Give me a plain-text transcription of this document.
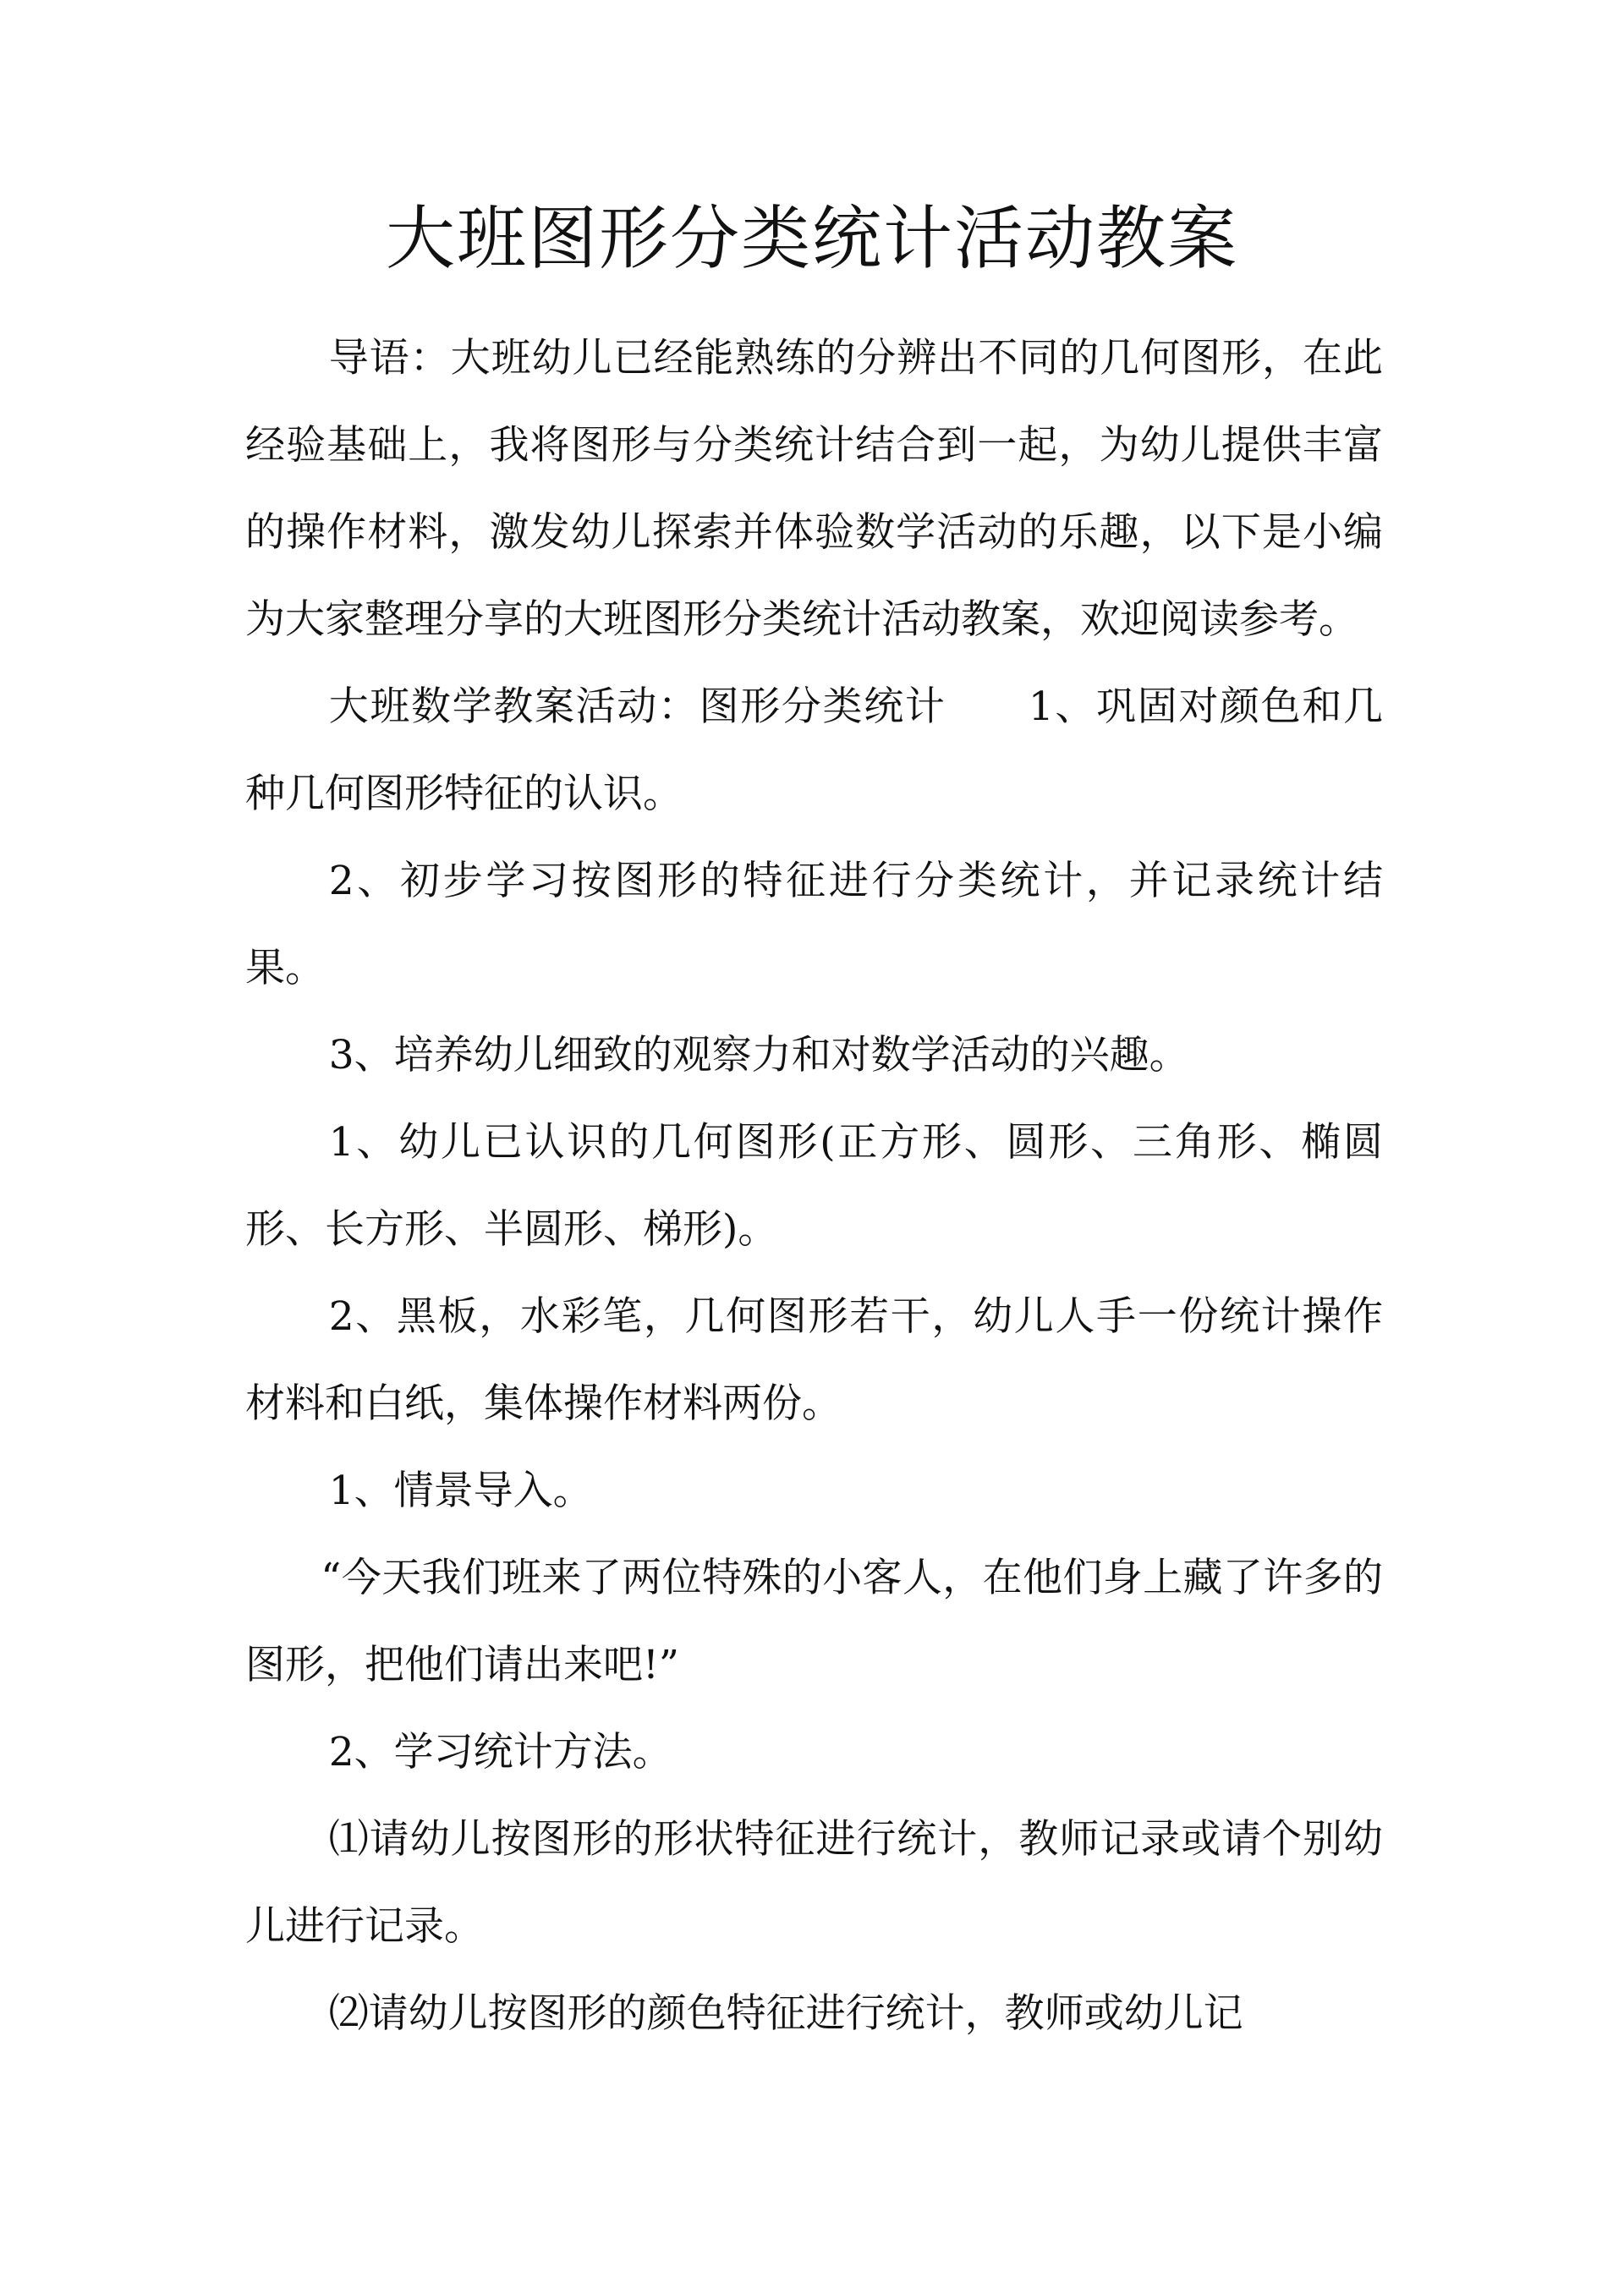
大班图形分类统计活动教案

导语：大班幼儿已经能熟练的分辨出不同的几何图形，在此经验基础上，我将图形与分类统计结合到一起，为幼儿提供丰富的操作材料，激发幼儿探索并体验数学活动的乐趣，以下是小编为大家整理分享的大班图形分类统计活动教案，欢迎阅读参考。

大班数学教案活动：图形分类统计　　1、巩固对颜色和几种几何图形特征的认识。

2、初步学习按图形的特征进行分类统计，并记录统计结果。

3、培养幼儿细致的观察力和对数学活动的兴趣。

1、幼儿已认识的几何图形(正方形、圆形、三角形、椭圆形、长方形、半圆形、梯形)。

2、黑板，水彩笔，几何图形若干，幼儿人手一份统计操作材料和白纸，集体操作材料两份。

1、情景导入。

“今天我们班来了两位特殊的小客人，在他们身上藏了许多的图形，把他们请出来吧!”

2、学习统计方法。

⑴请幼儿按图形的形状特征进行统计，教师记录或请个别幼儿进行记录。

⑵请幼儿按图形的颜色特征进行统计，教师或幼儿记
